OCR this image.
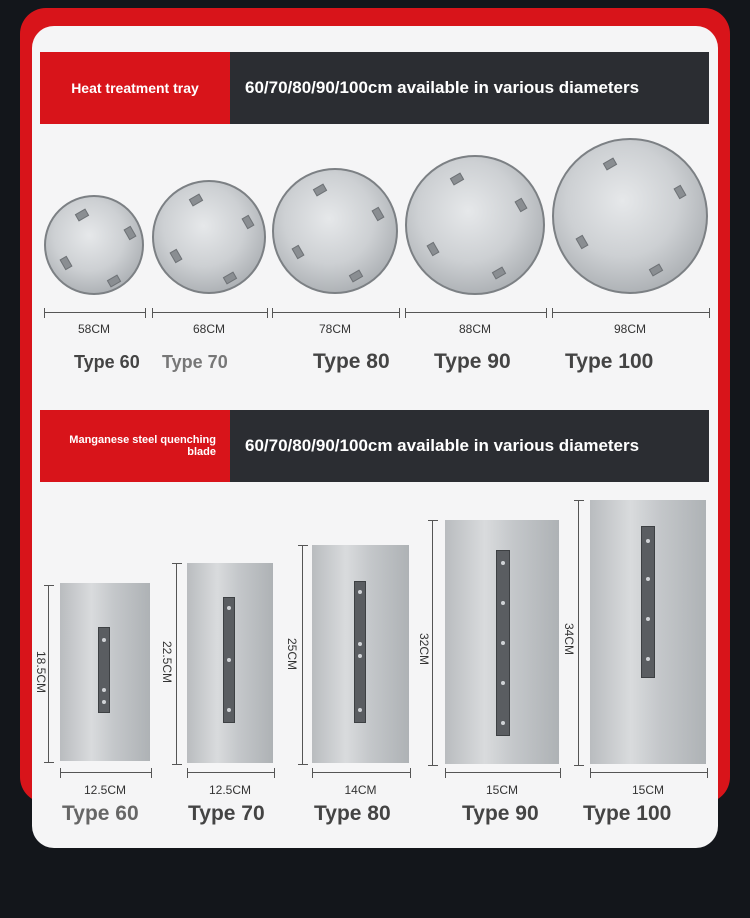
Heat treatment tray	60/70/80/90/100cm available in various diameters
58CM	68CM	78CM	88CM	98CM
Type 60 Type 70	Type 80 Type 90	Type 100
Manganese steel quenching blade	60/70/80/90/100cm available in various diameters
18.5CM	22.5CM	25CM	32CM	34CM
12.5CM	12.5CM	14CM	15CM	15CM
Type 60 Type 70 Type 80	Type 90 Type 100
